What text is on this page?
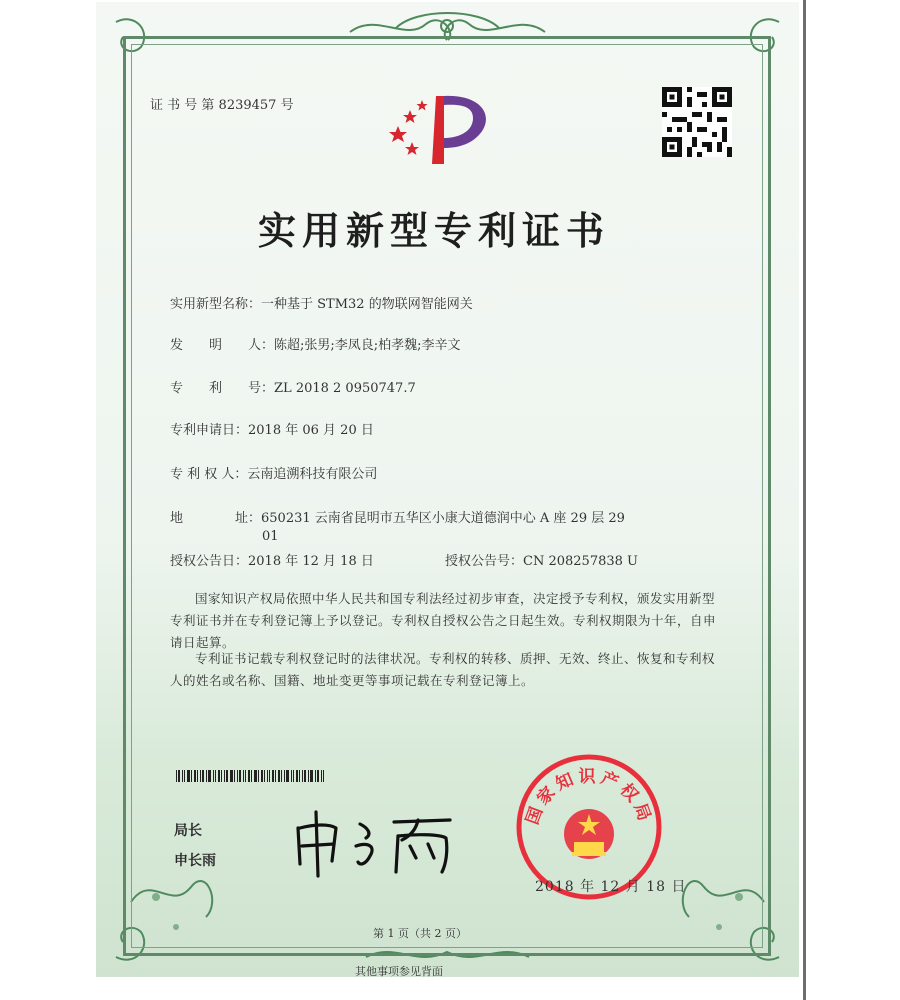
证 书 号 第 8239457 号
实用新型专利证书
实用新型名称：一种基于 STM32 的物联网智能网关
发　　明　　人：陈超;张男;李凤良;柏孝魏;李辛文
专　　利　　号：ZL 2018 2 0950747.7
专利申请日：2018 年 06 月 20 日
专 利 权 人：云南追溯科技有限公司
地　　　　址：650231 云南省昆明市五华区小康大道德润中心 A 座 29 层 29
01
授权公告日：2018 年 12 月 18 日	授权公告号：CN 208257838 U
国家知识产权局依照中华人民共和国专利法经过初步审查，决定授予专利权，颁发实用新型专利证书并在专利登记簿上予以登记。专利权自授权公告之日起生效。专利权期限为十年，自申请日起算。
专利证书记载专利权登记时的法律状况。专利权的转移、质押、无效、终止、恢复和专利权人的姓名或名称、国籍、地址变更等事项记载在专利登记簿上。
局长
申长雨
国家知识产权局
2018 年 12 月 18 日
第 1 页（共 2 页）
其他事项参见背面
